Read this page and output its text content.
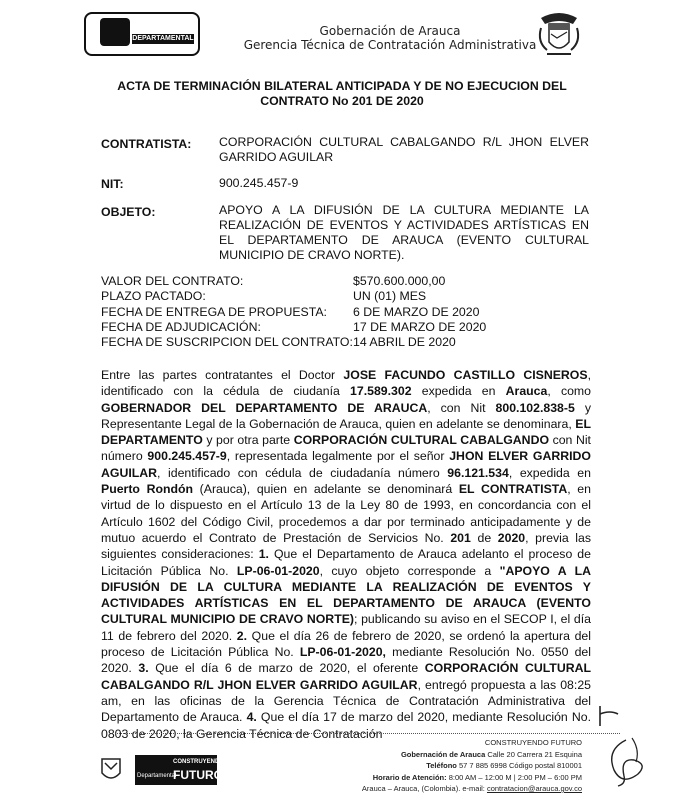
DEPARTAMENTAL
Gobernación de Arauca
Gerencia Técnica de Contratación Administrativa
ACTA DE TERMINACIÓN BILATERAL ANTICIPADA Y DE NO EJECUCION DEL
CONTRATO No 201 DE 2020
CONTRATISTA: CORPORACIÓN CULTURAL CABALGANDO R/L JHON ELVER GARRIDO AGUILAR
NIT:	900.245.457-9
OBJETO:	APOYO A LA DIFUSIÓN DE LA CULTURA MEDIANTE LA REALIZACIÓN DE EVENTOS Y ACTIVIDADES ARTÍSTICAS EN EL DEPARTAMENTO DE ARAUCA (EVENTO CULTURAL MUNICIPIO DE CRAVO NORTE).
VALOR DEL CONTRATO:	$570.600.000,00
PLAZO PACTADO:	UN (01) MES
FECHA DE ENTREGA DE PROPUESTA: 6 DE MARZO DE 2020
FECHA DE ADJUDICACIÓN:	17 DE MARZO DE 2020
FECHA DE SUSCRIPCION DEL CONTRATO:14 ABRIL DE 2020
Entre las partes contratantes el Doctor JOSE FACUNDO CASTILLO CISNEROS, identificado con la cédula de ciudanía 17.589.302 expedida en Arauca, como GOBERNADOR DEL DEPARTAMENTO DE ARAUCA, con Nit 800.102.838-5 y Representante Legal de la Gobernación de Arauca, quien en adelante se denominara, EL DEPARTAMENTO y por otra parte CORPORACIÓN CULTURAL CABALGANDO con Nit número 900.245.457-9, representada legalmente por el señor JHON ELVER GARRIDO AGUILAR, identificado con cédula de ciudadanía número 96.121.534, expedida en Puerto Rondón (Arauca), quien en adelante se denominará EL CONTRATISTA, en virtud de lo dispuesto en el Artículo 13 de la Ley 80 de 1993, en concordancia con el Artículo 1602 del Código Civil, procedemos a dar por terminado anticipadamente y de mutuo acuerdo el Contrato de Prestación de Servicios No. 201 de 2020, previa las siguientes consideraciones: 1. Que el Departamento de Arauca adelanto el proceso de Licitación Pública No. LP-06-01-2020, cuyo objeto corresponde a "APOYO A LA DIFUSIÓN DE LA CULTURA MEDIANTE LA REALIZACIÓN DE EVENTOS Y ACTIVIDADES ARTÍSTICAS EN EL DEPARTAMENTO DE ARAUCA (EVENTO CULTURAL MUNICIPIO DE CRAVO NORTE); publicando su aviso en el SECOP I, el día 11 de febrero del 2020. 2. Que el día 26 de febrero de 2020, se ordenó la apertura del proceso de Licitación Pública No. LP-06-01-2020, mediante Resolución No. 0550 del 2020. 3. Que el día 6 de marzo de 2020, el oferente CORPORACIÓN CULTURAL CABALGANDO R/L JHON ELVER GARRIDO AGUILAR, entregó propuesta a las 08:25 am, en las oficinas de la Gerencia Técnica de Contratación Administrativa del Departamento de Arauca. 4. Que el día 17 de marzo del 2020, mediante Resolución No. 0803 de 2020, la Gerencia Técnica de Contratación
Departamental
CONSTRUYENDO
FUTURO
CONSTRUYENDO FUTURO
Gobernación de Arauca Calle 20 Carrera 21 Esquina
Teléfono 57 7 885 6998 Código postal 810001
Horario de Atención: 8:00 AM – 12:00 M | 2:00 PM – 6:00 PM
Arauca – Arauca, (Colombia). e-mail: contratacion@arauca.gov.co
